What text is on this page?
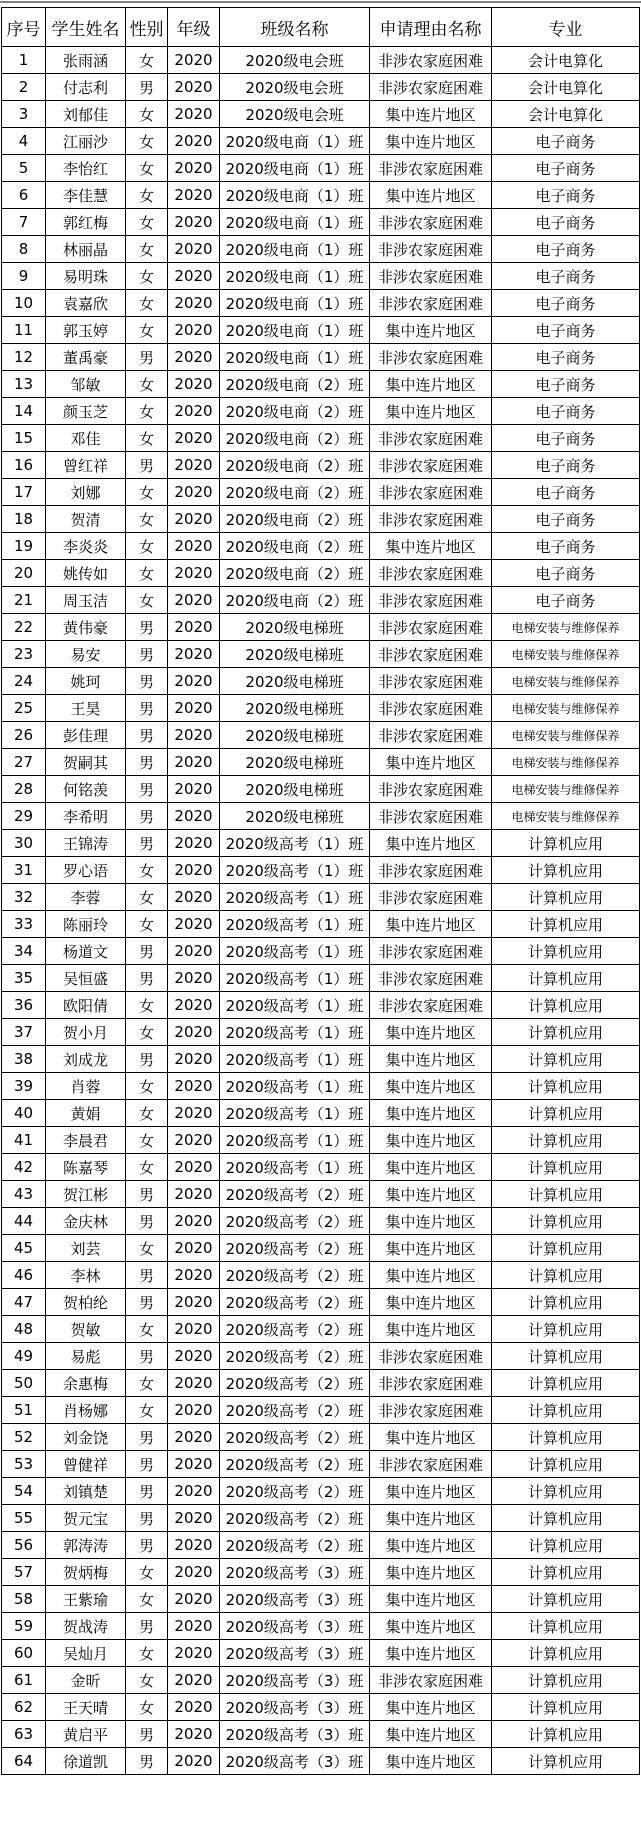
序号	学生姓名	性别	年级	班级名称	申请理由名称	专业
1	张雨涵	女	2020	2020级电会班	非涉农家庭困难	会计电算化
2	付志利	男	2020	2020级电会班	非涉农家庭困难	会计电算化
3	刘郁佳	女	2020	2020级电会班	集中连片地区	会计电算化
4	江丽沙	女	2020	2020级电商（1）班	集中连片地区	电子商务
5	李怡红	女	2020	2020级电商（1）班	非涉农家庭困难	电子商务
6	李佳慧	女	2020	2020级电商（1）班	集中连片地区	电子商务
7	郭红梅	女	2020	2020级电商（1）班	非涉农家庭困难	电子商务
8	林丽晶	女	2020	2020级电商（1）班	非涉农家庭困难	电子商务
9	易明珠	女	2020	2020级电商（1）班	非涉农家庭困难	电子商务
10	袁嘉欣	女	2020	2020级电商（1）班	非涉农家庭困难	电子商务
11	郭玉婷	女	2020	2020级电商（1）班	集中连片地区	电子商务
12	董禹豪	男	2020	2020级电商（1）班	非涉农家庭困难	电子商务
13	邹敏	女	2020	2020级电商（2）班	集中连片地区	电子商务
14	颜玉芝	女	2020	2020级电商（2）班	集中连片地区	电子商务
15	邓佳	女	2020	2020级电商（2）班	非涉农家庭困难	电子商务
16	曾红祥	男	2020	2020级电商（2）班	非涉农家庭困难	电子商务
17	刘娜	女	2020	2020级电商（2）班	非涉农家庭困难	电子商务
18	贺清	女	2020	2020级电商（2）班	非涉农家庭困难	电子商务
19	李炎炎	女	2020	2020级电商（2）班	集中连片地区	电子商务
20	姚传如	女	2020	2020级电商（2）班	非涉农家庭困难	电子商务
21	周玉洁	女	2020	2020级电商（2）班	非涉农家庭困难	电子商务
22	黄伟豪	男	2020	2020级电梯班	非涉农家庭困难	电梯安装与维修保养
23	易安	男	2020	2020级电梯班	非涉农家庭困难	电梯安装与维修保养
24	姚珂	男	2020	2020级电梯班	非涉农家庭困难	电梯安装与维修保养
25	王昊	男	2020	2020级电梯班	非涉农家庭困难	电梯安装与维修保养
26	彭佳理	男	2020	2020级电梯班	非涉农家庭困难	电梯安装与维修保养
27	贺嗣其	男	2020	2020级电梯班	集中连片地区	电梯安装与维修保养
28	何铭羡	男	2020	2020级电梯班	非涉农家庭困难	电梯安装与维修保养
29	李希明	男	2020	2020级电梯班	非涉农家庭困难	电梯安装与维修保养
30	王锦涛	男	2020	2020级高考（1）班	集中连片地区	计算机应用
31	罗心语	女	2020	2020级高考（1）班	非涉农家庭困难	计算机应用
32	李蓉	女	2020	2020级高考（1）班	非涉农家庭困难	计算机应用
33	陈丽玲	女	2020	2020级高考（1）班	集中连片地区	计算机应用
34	杨道文	男	2020	2020级高考（1）班	非涉农家庭困难	计算机应用
35	吴恒盛	男	2020	2020级高考（1）班	非涉农家庭困难	计算机应用
36	欧阳倩	女	2020	2020级高考（1）班	非涉农家庭困难	计算机应用
37	贺小月	女	2020	2020级高考（1）班	集中连片地区	计算机应用
38	刘成龙	男	2020	2020级高考（1）班	集中连片地区	计算机应用
39	肖蓉	女	2020	2020级高考（1）班	集中连片地区	计算机应用
40	黄娟	女	2020	2020级高考（1）班	集中连片地区	计算机应用
41	李晨君	女	2020	2020级高考（1）班	集中连片地区	计算机应用
42	陈嘉琴	女	2020	2020级高考（1）班	集中连片地区	计算机应用
43	贺江彬	男	2020	2020级高考（2）班	集中连片地区	计算机应用
44	金庆林	男	2020	2020级高考（2）班	集中连片地区	计算机应用
45	刘芸	女	2020	2020级高考（2）班	集中连片地区	计算机应用
46	李林	男	2020	2020级高考（2）班	集中连片地区	计算机应用
47	贺柏纶	男	2020	2020级高考（2）班	集中连片地区	计算机应用
48	贺敏	女	2020	2020级高考（2）班	集中连片地区	计算机应用
49	易彪	男	2020	2020级高考（2）班	非涉农家庭困难	计算机应用
50	余惠梅	女	2020	2020级高考（2）班	非涉农家庭困难	计算机应用
51	肖杨娜	女	2020	2020级高考（2）班	非涉农家庭困难	计算机应用
52	刘金饶	男	2020	2020级高考（2）班	集中连片地区	计算机应用
53	曾健祥	男	2020	2020级高考（2）班	非涉农家庭困难	计算机应用
54	刘镇楚	男	2020	2020级高考（2）班	集中连片地区	计算机应用
55	贺元宝	男	2020	2020级高考（2）班	集中连片地区	计算机应用
56	郭涛涛	男	2020	2020级高考（2）班	集中连片地区	计算机应用
57	贺炳梅	女	2020	2020级高考（3）班	集中连片地区	计算机应用
58	王紫瑜	女	2020	2020级高考（3）班	集中连片地区	计算机应用
59	贺战涛	男	2020	2020级高考（3）班	集中连片地区	计算机应用
60	吴灿月	女	2020	2020级高考（3）班	集中连片地区	计算机应用
61	金昕	女	2020	2020级高考（3）班	非涉农家庭困难	计算机应用
62	王天晴	女	2020	2020级高考（3）班	集中连片地区	计算机应用
63	黄启平	男	2020	2020级高考（3）班	集中连片地区	计算机应用
64	徐道凯	男	2020	2020级高考（3）班	集中连片地区	计算机应用
